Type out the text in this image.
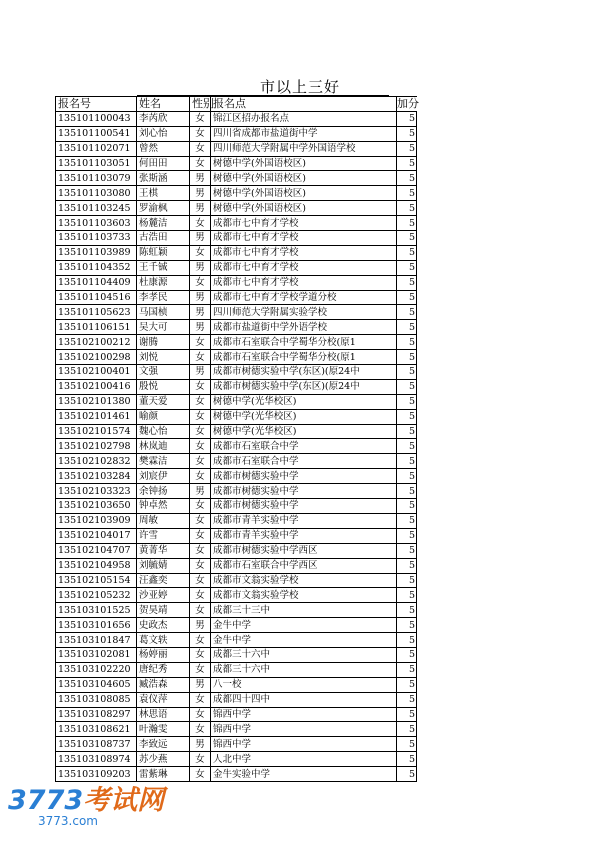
市以上三好
报名号	姓名	性别	报名点	加分
135101100043	李芮欣	女	锦江区招办报名点	5
135101100541	刘心怡	女	四川省成都市盐道街中学	5
135101102071	曾然	女	四川师范大学附属中学外国语学校	5
135101103051	何田田	女	树德中学(外国语校区)	5
135101103079	张斯涵	男	树德中学(外国语校区)	5
135101103080	王棋	男	树德中学(外国语校区)	5
135101103245	罗渝枫	男	树德中学(外国语校区)	5
135101103603	杨麓洁	女	成都市七中育才学校	5
135101103733	古浩田	男	成都市七中育才学校	5
135101103989	陈虹颖	女	成都市七中育才学校	5
135101104352	王千铖	男	成都市七中育才学校	5
135101104409	杜康源	女	成都市七中育才学校	5
135101104516	李孝民	男	成都市七中育才学校学道分校	5
135101105623	马国桢	男	四川师范大学附属实验学校	5
135101106151	吴大可	男	成都市盐道街中学外语学校	5
135102100212	谢腾	女	成都市石室联合中学蜀华分校(原1	5
135102100298	刘悦	女	成都市石室联合中学蜀华分校(原1	5
135102100401	文强	男	成都市树德实验中学(东区)(原24中	5
135102100416	殷悦	女	成都市树德实验中学(东区)(原24中	5
135102101380	董天爱	女	树德中学(光华校区)	5
135102101461	喻颜	女	树德中学(光华校区)	5
135102101574	魏心怡	女	树德中学(光华校区)	5
135102102798	林岚迪	女	成都市石室联合中学	5
135102102832	樊霖洁	女	成都市石室联合中学	5
135102103284	刘宸伊	女	成都市树德实验中学	5
135102103323	余钟扬	男	成都市树德实验中学	5
135102103650	钟卓然	女	成都市树德实验中学	5
135102103909	周敏	女	成都市青羊实验中学	5
135102104017	许雪	女	成都市青羊实验中学	5
135102104707	黄菁华	女	成都市树德实验中学西区	5
135102104958	刘毓婧	女	成都市石室联合中学西区	5
135102105154	汪鑫奕	女	成都市文翁实验学校	5
135102105232	沙亚婷	女	成都市文翁实验学校	5
135103101525	贺昊靖	女	成都三十三中	5
135103101656	史政杰	男	金牛中学	5
135103101847	葛文轶	女	金牛中学	5
135103102081	杨婷丽	女	成都三十六中	5
135103102220	唐纪秀	女	成都三十六中	5
135103104605	臧浩森	男	八一校	5
135103108085	袁仪萍	女	成都四十四中	5
135103108297	林思语	女	锦西中学	5
135103108621	叶瀚雯	女	锦西中学	5
135103108737	李致远	男	锦西中学	5
135103108974	苏少燕	女	人北中学	5
135103109203	雷紫琳	女	金牛实验中学	5
3773考试网
3773.com
